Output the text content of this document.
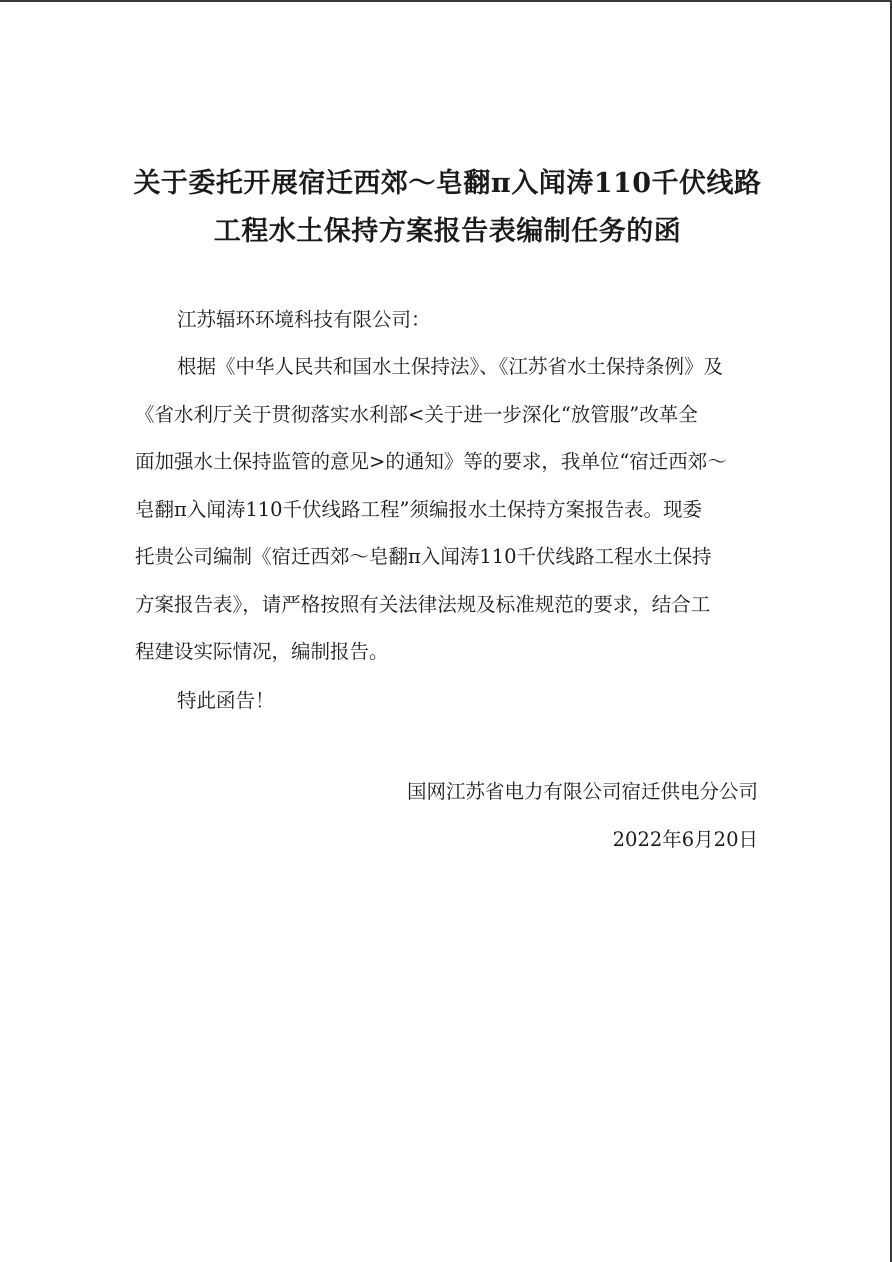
关于委托开展宿迁西郊～皂翻π入闻涛110千伏线路
工程水土保持方案报告表编制任务的函

江苏辐环环境科技有限公司：

根据《中华人民共和国水土保持法》、《江苏省水土保持条例》及
《省水利厅关于贯彻落实水利部<关于进一步深化“放管服”改革全
面加强水土保持监管的意见>的通知》等的要求，我单位“宿迁西郊～
皂翻π入闻涛110千伏线路工程”须编报水土保持方案报告表。现委
托贵公司编制《宿迁西郊～皂翻π入闻涛110千伏线路工程水土保持
方案报告表》，请严格按照有关法律法规及标准规范的要求，结合工
程建设实际情况，编制报告。

特此函告！

国网江苏省电力有限公司宿迁供电分公司
2022年6月20日
